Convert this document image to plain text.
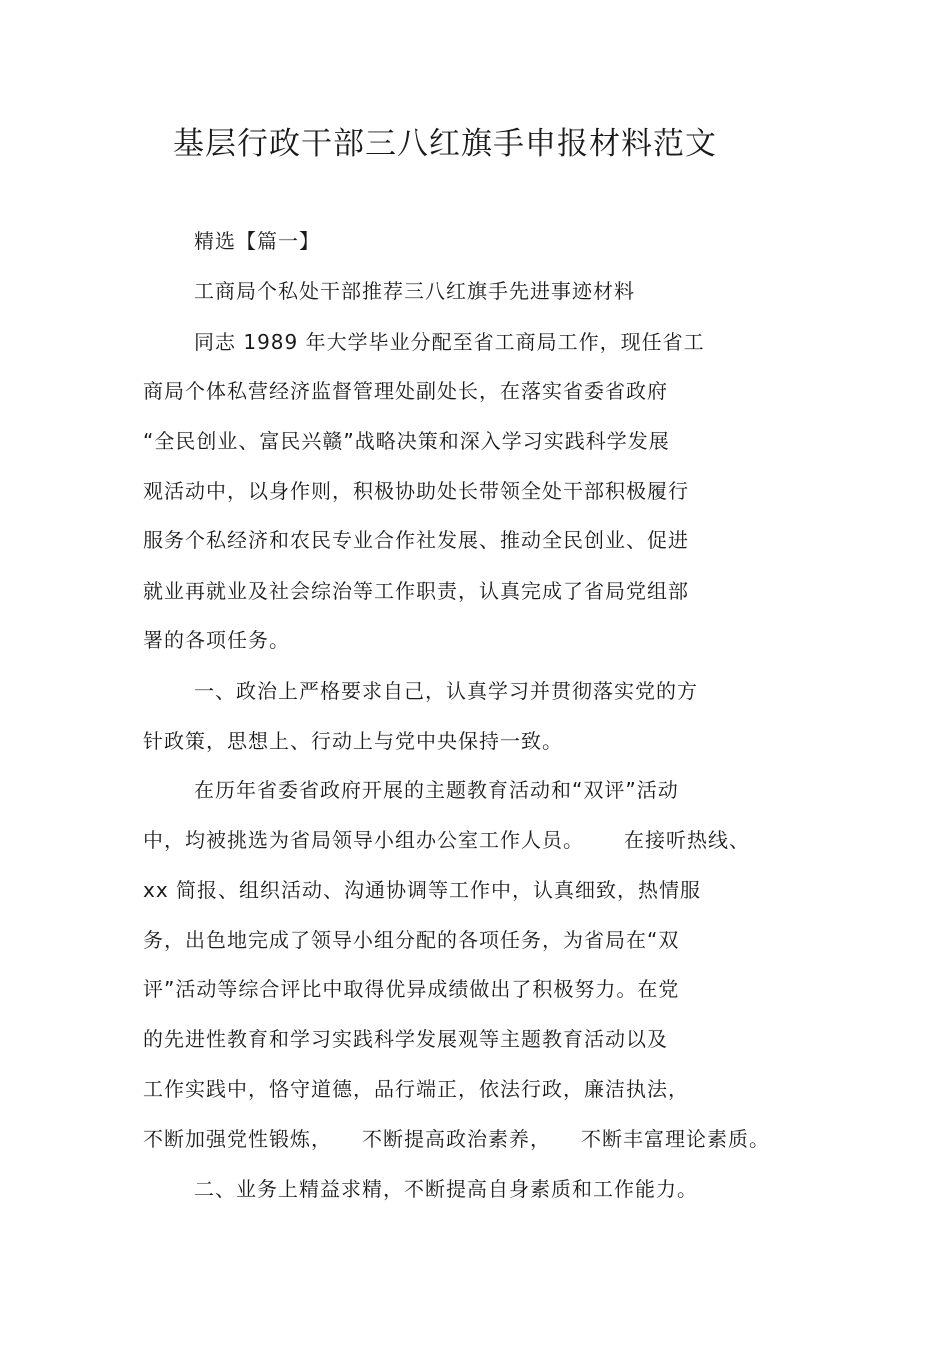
基层行政干部三八红旗手申报材料范文
精选【篇一】
工商局个私处干部推荐三八红旗手先进事迹材料
同志 1989 年大学毕业分配至省工商局工作，现任省工
商局个体私营经济监督管理处副处长，在落实省委省政府
“全民创业、富民兴赣”战略决策和深入学习实践科学发展
观活动中，以身作则，积极协助处长带领全处干部积极履行
服务个私经济和农民专业合作社发展、推动全民创业、促进
就业再就业及社会综治等工作职责，认真完成了省局党组部
署的各项任务。
一、政治上严格要求自己，认真学习并贯彻落实党的方
针政策，思想上、行动上与党中央保持一致。
在历年省委省政府开展的主题教育活动和“双评”活动
中，均被挑选为省局领导小组办公室工作人员。 在接听热线、
xx 简报、组织活动、沟通协调等工作中，认真细致，热情服
务，出色地完成了领导小组分配的各项任务，为省局在“双
评”活动等综合评比中取得优异成绩做出了积极努力。在党
的先进性教育和学习实践科学发展观等主题教育活动以及
工作实践中，恪守道德，品行端正，依法行政，廉洁执法，
不断加强党性锻炼， 不断提高政治素养， 不断丰富理论素质。
二、业务上精益求精，不断提高自身素质和工作能力。
